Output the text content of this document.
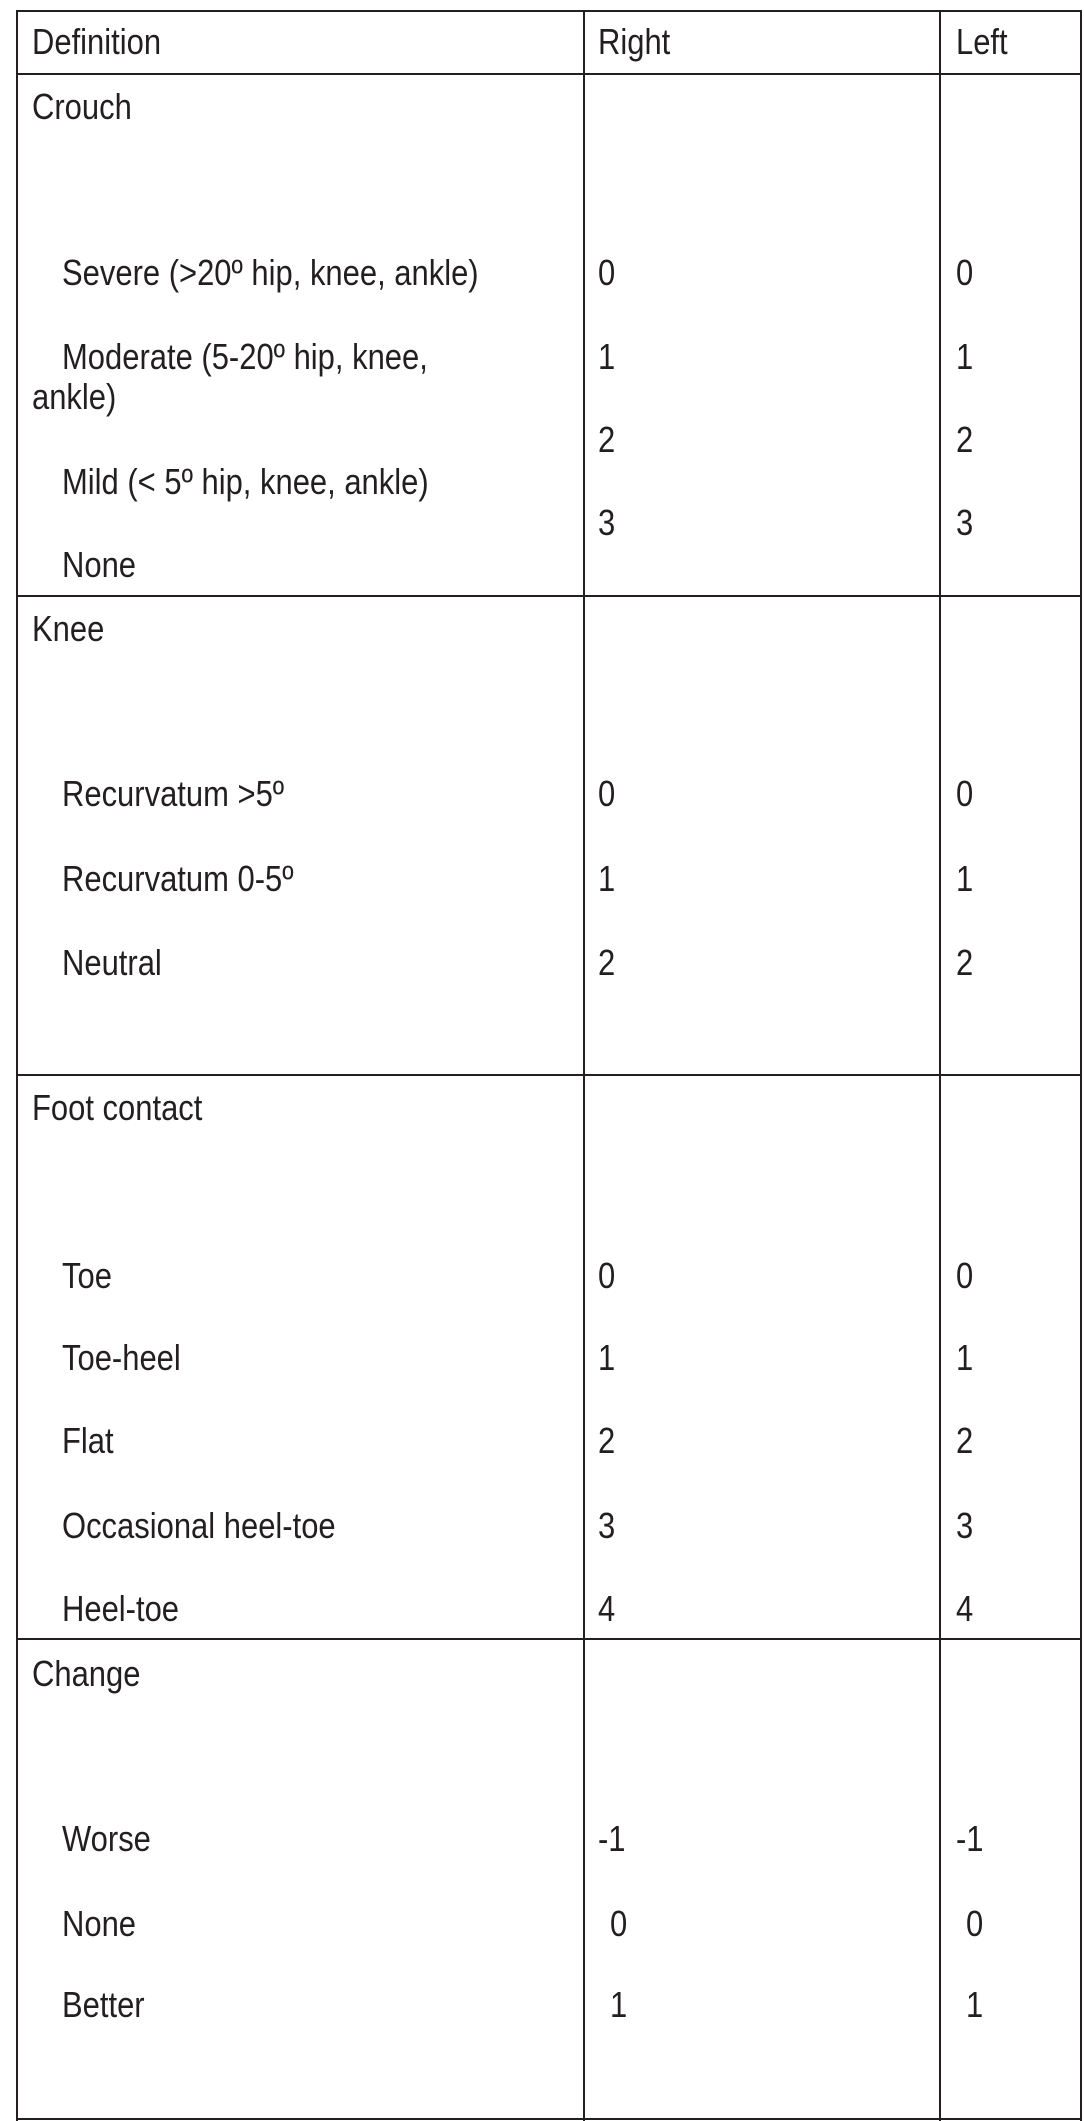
Definition	Right	Left
Crouch
Severe (>20º hip, knee, ankle)
Moderate (5-20º hip, knee,
ankle)
Mild (< 5º hip, knee, ankle)
None
0
1
2
3
0
1
2
3
Knee
Recurvatum >5º
Recurvatum 0-5º
Neutral
0
1
2
0
1
2
Foot contact
Toe
Toe-heel
Flat
Occasional heel-toe
Heel-toe
0
1
2
3
4
0
1
2
3
4
Change
Worse
None
Better
-1
0
1
-1
0
1
